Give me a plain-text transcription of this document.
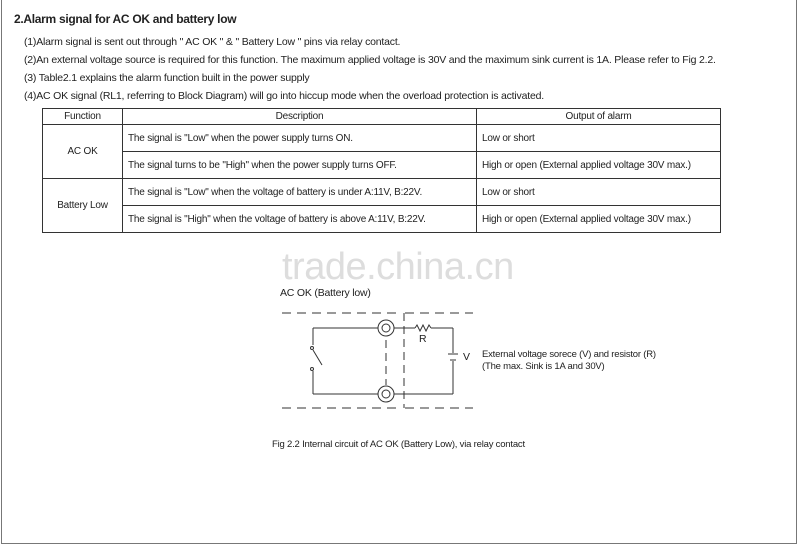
2.Alarm signal for AC OK and battery low
(1)Alarm signal is sent out through " AC OK " & " Battery Low " pins via relay contact.
(2)An external voltage source is required for this function. The maximum applied voltage is 30V and the maximum sink current is 1A. Please refer to Fig 2.2.
(3) Table2.1 explains the alarm function built in the power supply
(4)AC OK signal (RL1, referring to Block Diagram) will go into hiccup mode when the overload protection is activated.
Function	Description	Output of alarm
AC OK	The signal is "Low" when the power supply turns ON.	Low or short
	The signal turns to be "High" when the power supply turns OFF.	High or open (External applied voltage 30V max.)
Battery Low	The signal is "Low" when the voltage of battery is under A:11V, B:22V.	Low or short
	The signal is "High" when the voltage of battery is above A:11V, B:22V.	High or open (External applied voltage 30V max.)
trade.china.cn
AC OK (Battery low)
R
V External voltage sorece (V) and resistor (R)
(The max. Sink is 1A and 30V)
Fig 2.2 Internal circuit of AC OK (Battery Low), via relay contact
